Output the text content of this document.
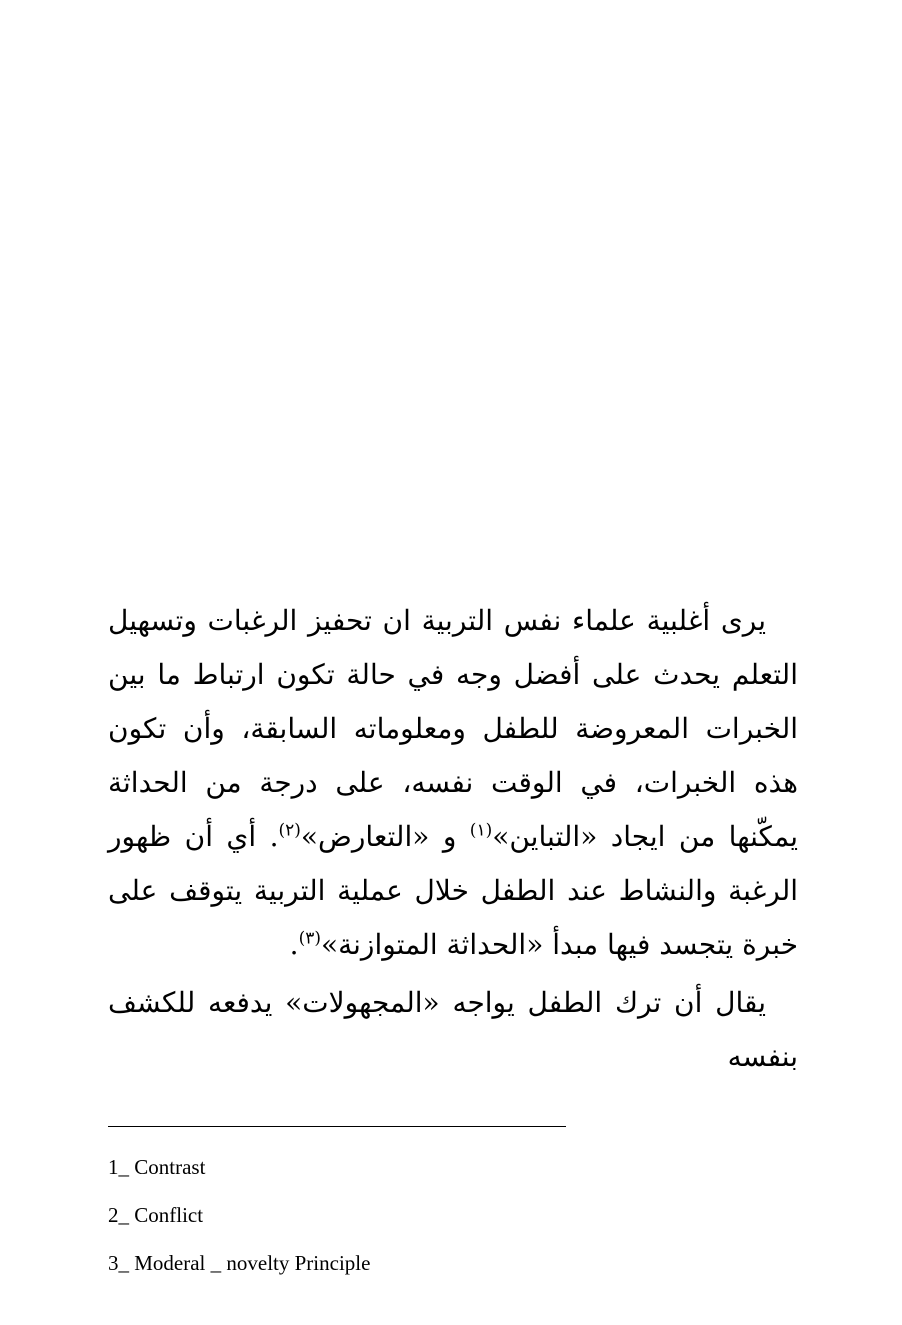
يرى أغلبية علماء نفس التربية ان تحفيز الرغبات وتسهيل التعلم يحدث على أفضل وجه في حالة تكون ارتباط ما بين الخبرات المعروضة للطفل ومعلوماته السابقة، وأن تكون هذه الخبرات، في الوقت نفسه، على درجة من الحداثة يمكّنها من ايجاد «التباين»$^{(١)}$ و «التعارض»$^{(٢)}$. أي أن ظهور الرغبة والنشاط عند الطفل خلال عملية التربية يتوقف على خبرة يتجسد فيها مبدأ «الحداثة المتوازنة»$^{(٣)}$.

يقال أن ترك الطفل يواجه «المجهولات» يدفعه للكشف بنفسه

1_ Contrast
2_ Conflict
3_ Moderal _ novelty Principle
